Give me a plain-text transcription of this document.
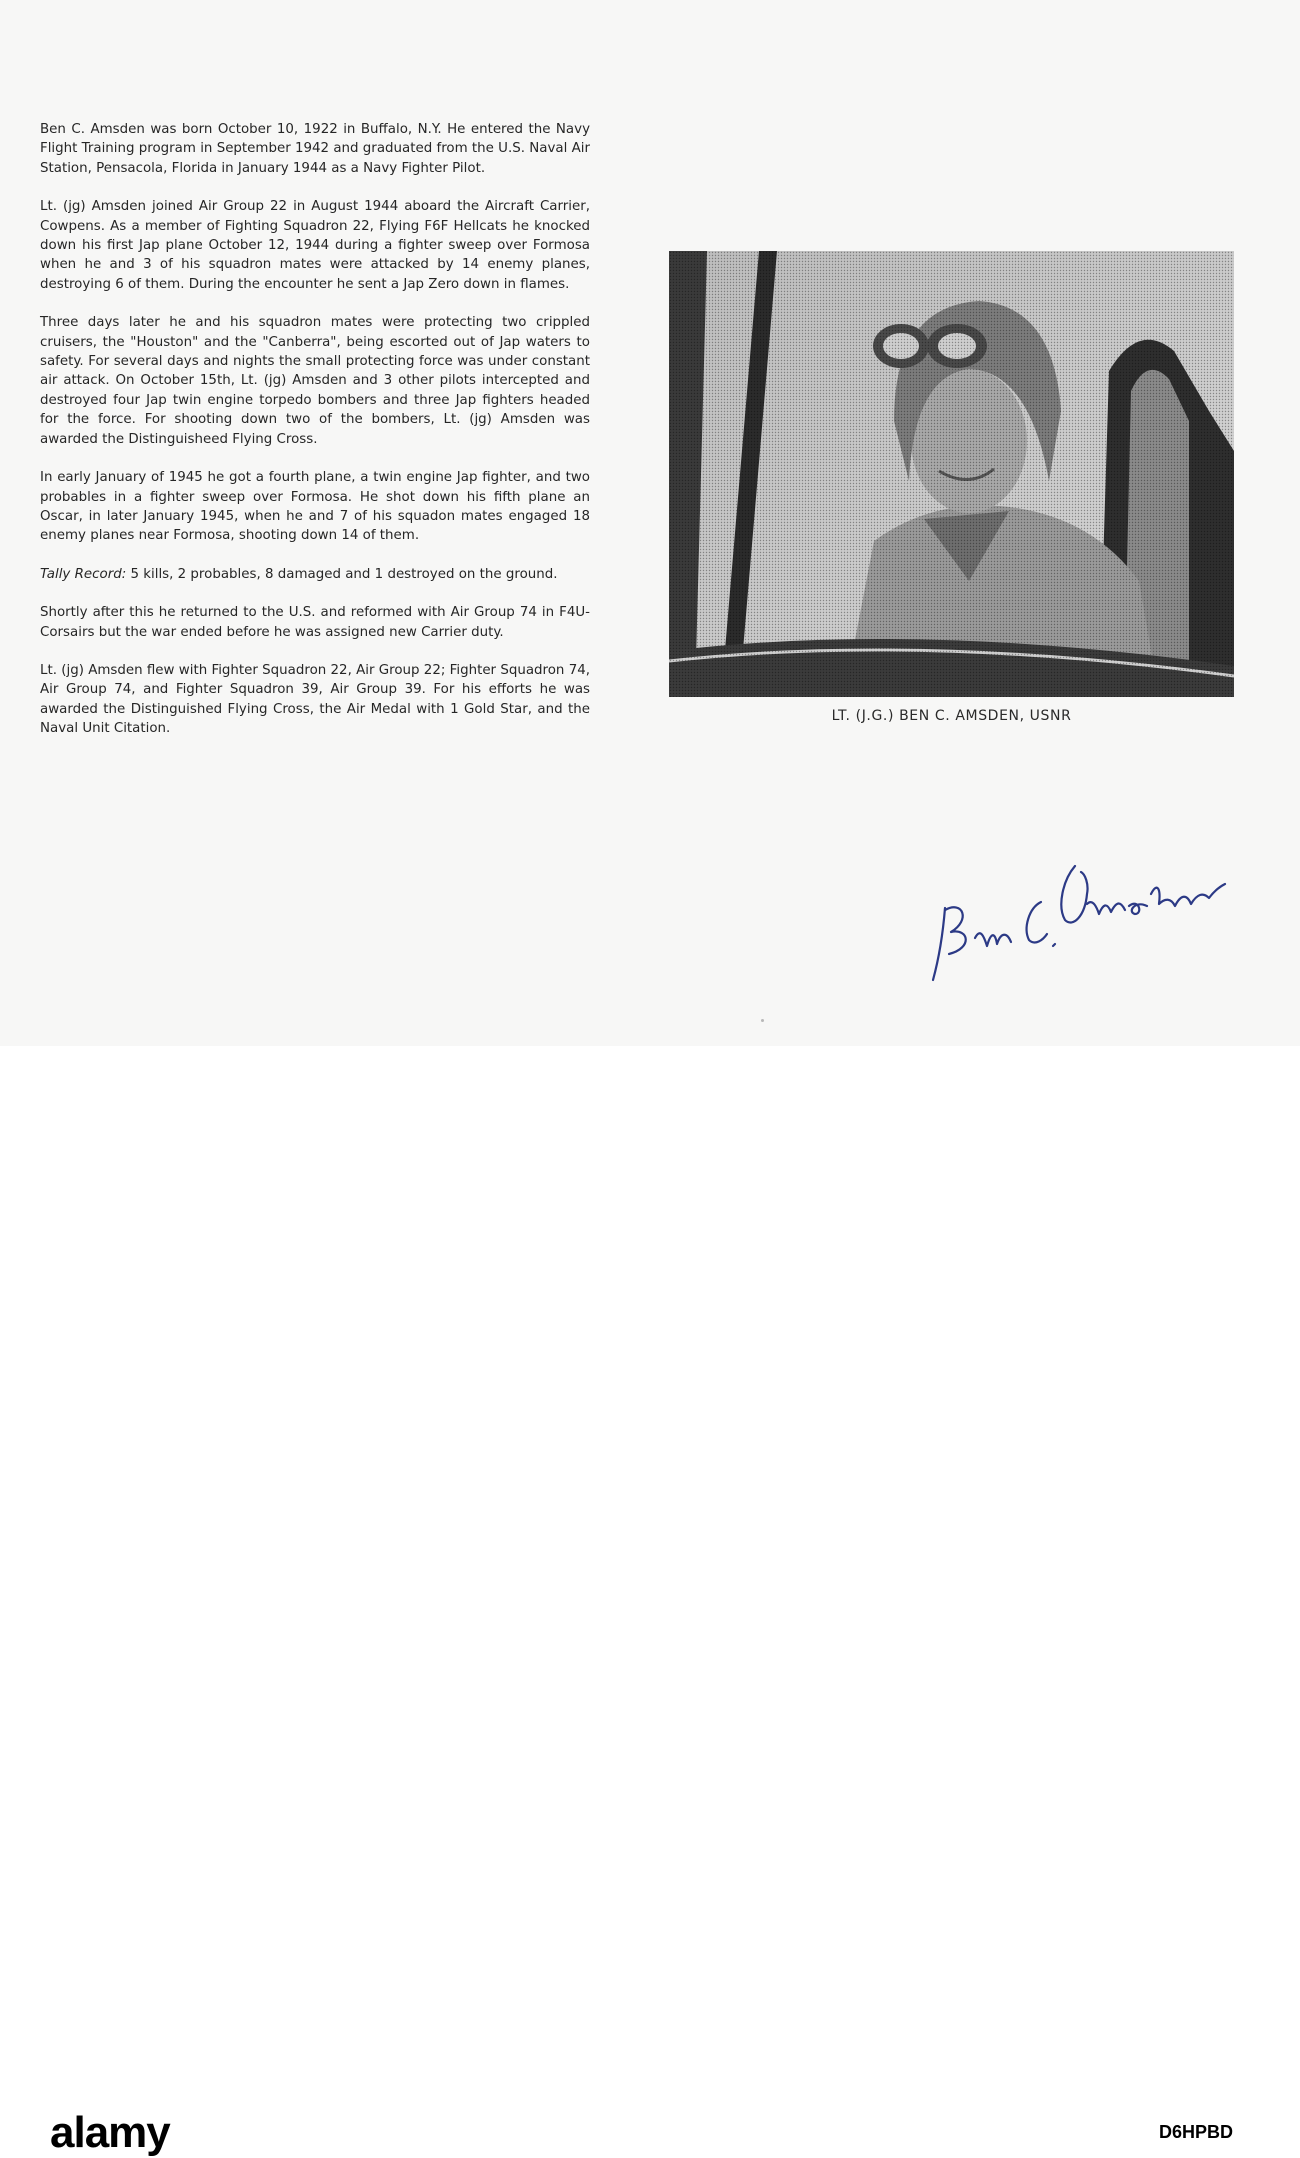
Ben C. Amsden was born October 10, 1922 in Buffalo, N.Y. He entered the Navy Flight Training program in September 1942 and graduated from the U.S. Naval Air Station, Pensacola, Florida in January 1944 as a Navy Fighter Pilot.

Lt. (jg) Amsden joined Air Group 22 in August 1944 aboard the Aircraft Carrier, Cowpens. As a member of Fighting Squadron 22, Flying F6F Hellcats he knocked down his first Jap plane October 12, 1944 during a fighter sweep over Formosa when he and 3 of his squadron mates were attacked by 14 enemy planes, destroying 6 of them. During the encounter he sent a Jap Zero down in flames.

Three days later he and his squadron mates were protecting two crippled cruisers, the "Houston" and the "Canberra", being escorted out of Jap waters to safety. For several days and nights the small protecting force was under constant air attack. On October 15th, Lt. (jg) Amsden and 3 other pilots intercepted and destroyed four Jap twin engine torpedo bombers and three Jap fighters headed for the force. For shooting down two of the bombers, Lt. (jg) Amsden was awarded the Distinguisheed Flying Cross.

In early January of 1945 he got a fourth plane, a twin engine Jap fighter, and two probables in a fighter sweep over Formosa. He shot down his fifth plane an Oscar, in later January 1945, when he and 7 of his squadon mates engaged 18 enemy planes near Formosa, shooting down 14 of them.

Tally Record: 5 kills, 2 probables, 8 damaged and 1 destroyed on the ground.

Shortly after this he returned to the U.S. and reformed with Air Group 74 in F4U-Corsairs but the war ended before he was assigned new Carrier duty.

Lt. (jg) Amsden flew with Fighter Squadron 22, Air Group 22; Fighter Squadron 74, Air Group 74, and Fighter Squadron 39, Air Group 39. For his efforts he was awarded the Distinguished Flying Cross, the Air Medal with 1 Gold Star, and the Naval Unit Citation.

LT. (J.G.) BEN C. AMSDEN, USNR
alamy	D6HPBD
